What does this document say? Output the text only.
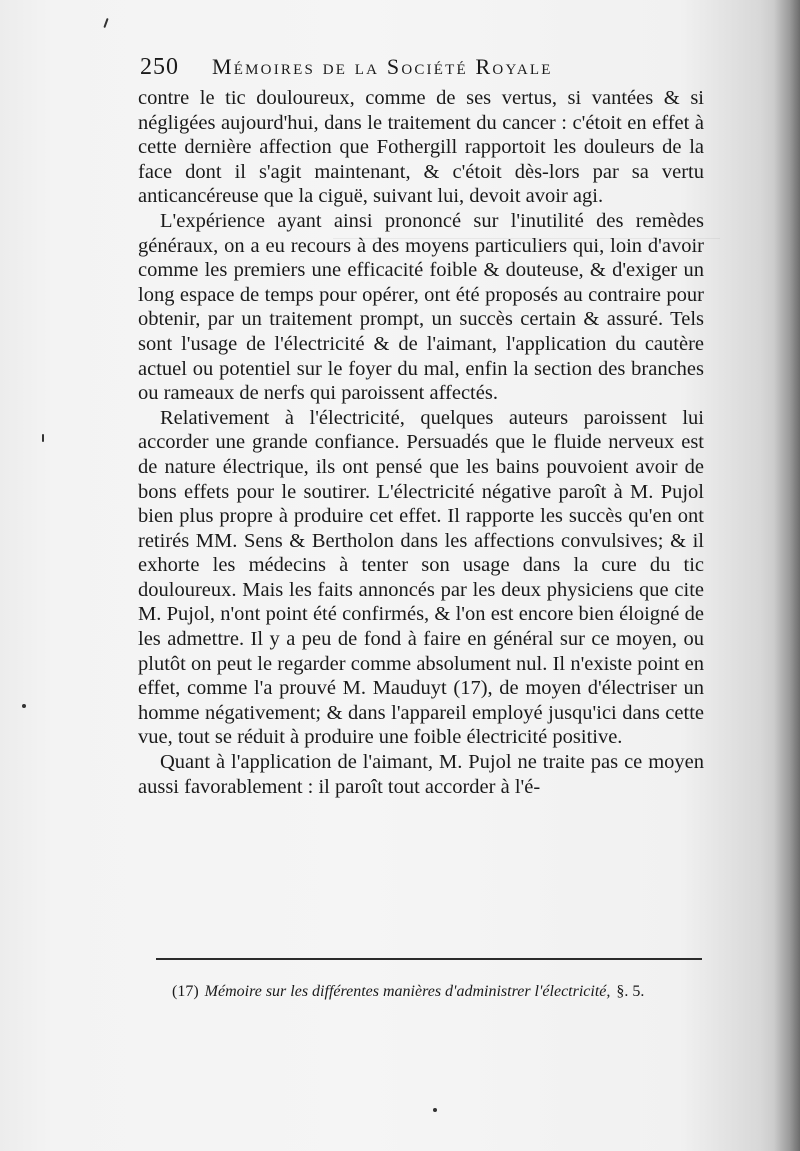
250 Mémoires de la Société Royale

contre le tic douloureux, comme de ses vertus, si vantées & si négligées aujourd'hui, dans le traitement du cancer : c'étoit en effet à cette dernière affection que Fothergill rapportoit les douleurs de la face dont il s'agit maintenant, & c'étoit dès-lors par sa vertu anticancéreuse que la ciguë, suivant lui, devoit avoir agi.

L'expérience ayant ainsi prononcé sur l'inutilité des remèdes généraux, on a eu recours à des moyens particuliers qui, loin d'avoir comme les premiers une efficacité foible & douteuse, & d'exiger un long espace de temps pour opérer, ont été proposés au contraire pour obtenir, par un traitement prompt, un succès certain & assuré. Tels sont l'usage de l'électricité & de l'aimant, l'application du cautère actuel ou potentiel sur le foyer du mal, enfin la section des branches ou rameaux de nerfs qui paroissent affectés.

Relativement à l'électricité, quelques auteurs paroissent lui accorder une grande confiance. Persuadés que le fluide nerveux est de nature électrique, ils ont pensé que les bains pouvoient avoir de bons effets pour le soutirer. L'électricité négative paroît à M. Pujol bien plus propre à produire cet effet. Il rapporte les succès qu'en ont retirés MM. Sens & Bertholon dans les affections convulsives; & il exhorte les médecins à tenter son usage dans la cure du tic douloureux. Mais les faits annoncés par les deux physiciens que cite M. Pujol, n'ont point été confirmés, & l'on est encore bien éloigné de les admettre. Il y a peu de fond à faire en général sur ce moyen, ou plutôt on peut le regarder comme absolument nul. Il n'existe point en effet, comme l'a prouvé M. Mauduyt (17), de moyen d'électriser un homme négativement; & dans l'appareil employé jusqu'ici dans cette vue, tout se réduit à produire une foible électricité positive.

Quant à l'application de l'aimant, M. Pujol ne traite pas ce moyen aussi favorablement : il paroît tout accorder à l'é-

(17) Mémoire sur les différentes manières d'administrer l'électricité, §. 5.
